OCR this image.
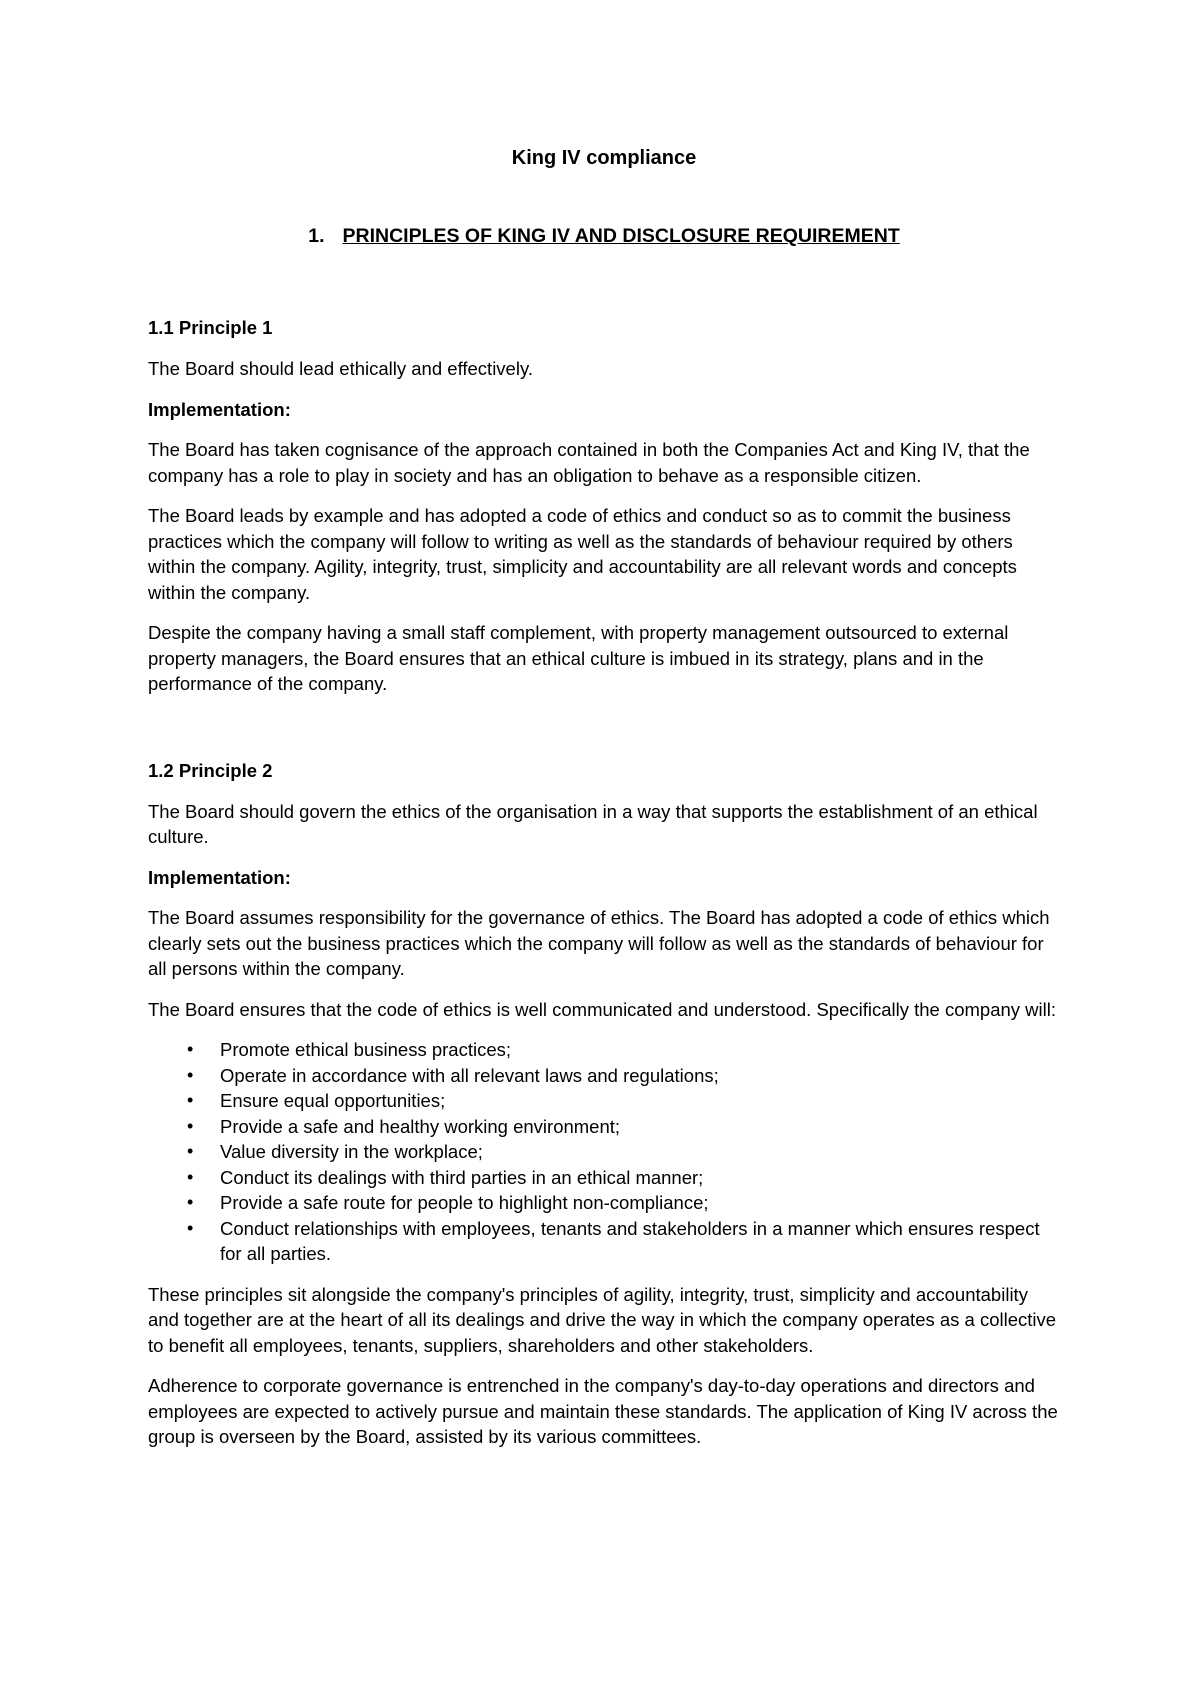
King IV compliance
1. PRINCIPLES OF KING IV AND DISCLOSURE REQUIREMENT
1.1 Principle 1

The Board should lead ethically and effectively.

Implementation:

The Board has taken cognisance of the approach contained in both the Companies Act and King IV, that the company has a role to play in society and has an obligation to behave as a responsible citizen.

The Board leads by example and has adopted a code of ethics and conduct so as to commit the business practices which the company will follow to writing as well as the standards of behaviour required by others within the company. Agility, integrity, trust, simplicity and accountability are all relevant words and concepts within the company.

Despite the company having a small staff complement, with property management outsourced to external property managers, the Board ensures that an ethical culture is imbued in its strategy, plans and in the performance of the company.

1.2 Principle 2

The Board should govern the ethics of the organisation in a way that supports the establishment of an ethical culture.

Implementation:

The Board assumes responsibility for the governance of ethics. The Board has adopted a code of ethics which clearly sets out the business practices which the company will follow as well as the standards of behaviour for all persons within the company.

The Board ensures that the code of ethics is well communicated and understood. Specifically the company will:

• Promote ethical business practices;
• Operate in accordance with all relevant laws and regulations;
• Ensure equal opportunities;
• Provide a safe and healthy working environment;
• Value diversity in the workplace;
• Conduct its dealings with third parties in an ethical manner;
• Provide a safe route for people to highlight non-compliance;
• Conduct relationships with employees, tenants and stakeholders in a manner which ensures respect for all parties.

These principles sit alongside the company's principles of agility, integrity, trust, simplicity and accountability and together are at the heart of all its dealings and drive the way in which the company operates as a collective to benefit all employees, tenants, suppliers, shareholders and other stakeholders.

Adherence to corporate governance is entrenched in the company's day-to-day operations and directors and employees are expected to actively pursue and maintain these standards. The application of King IV across the group is overseen by the Board, assisted by its various committees.
